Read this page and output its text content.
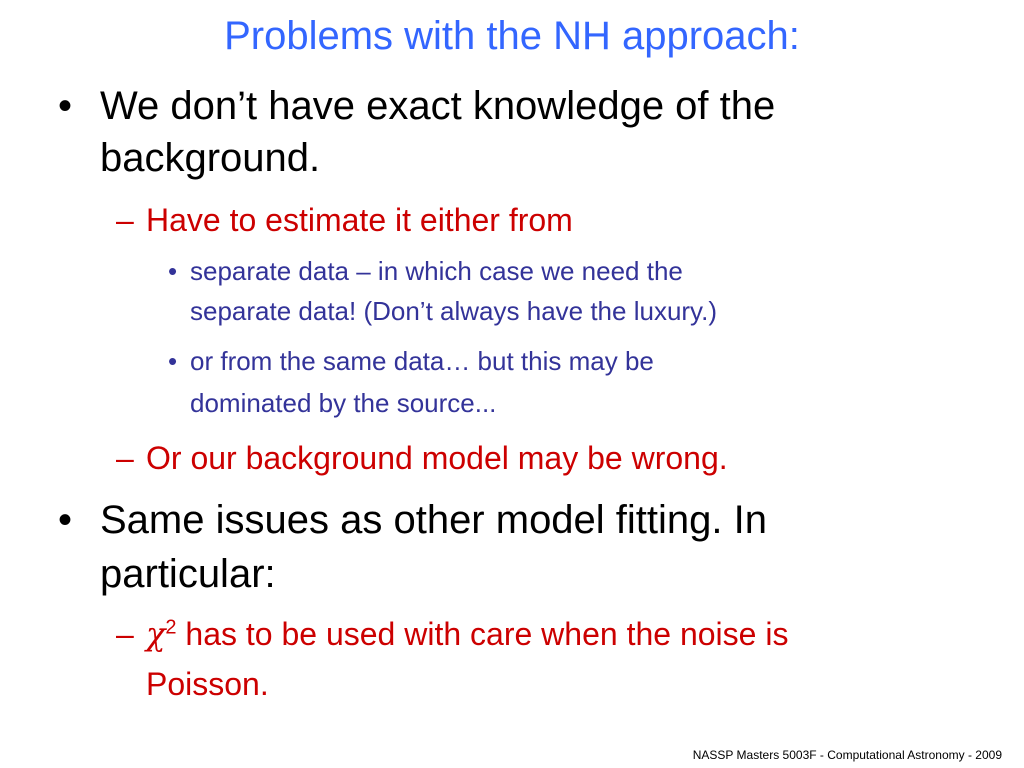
Problems with the NH approach:
• We don’t have exact knowledge of the
background.
– Have to estimate it either from
• separate data – in which case we need the
separate data! (Don’t always have the luxury.)
• or from the same data… but this may be
dominated by the source...
– Or our background model may be wrong.
• Same issues as other model fitting. In
particular:
– $\chi^2$ has to be used with care when the noise is
Poisson.
NASSP Masters 5003F - Computational Astronomy - 2009
